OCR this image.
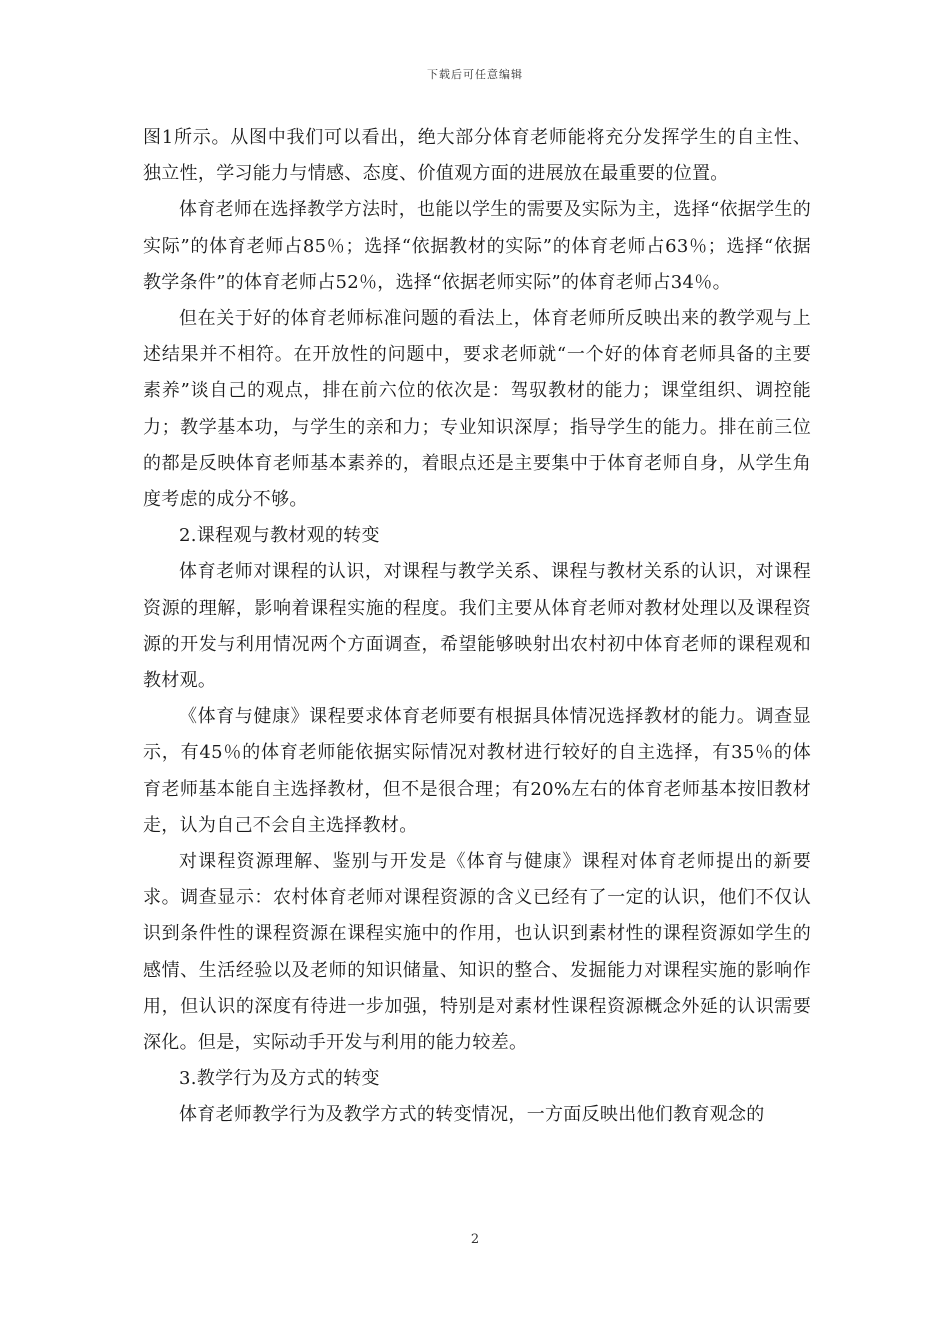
下载后可任意编辑

图1所示。从图中我们可以看出，绝大部分体育老师能将充分发挥学生的自主性、独立性，学习能力与情感、态度、价值观方面的进展放在最重要的位置。

体育老师在选择教学方法时，也能以学生的需要及实际为主，选择“依据学生的实际”的体育老师占85％；选择“依据教材的实际”的体育老师占63％；选择“依据教学条件”的体育老师占52％，选择“依据老师实际”的体育老师占34％。

但在关于好的体育老师标准问题的看法上，体育老师所反映出来的教学观与上述结果并不相符。在开放性的问题中，要求老师就“一个好的体育老师具备的主要素养”谈自己的观点，排在前六位的依次是：驾驭教材的能力；课堂组织、调控能力；教学基本功，与学生的亲和力；专业知识深厚；指导学生的能力。排在前三位的都是反映体育老师基本素养的，着眼点还是主要集中于体育老师自身，从学生角度考虑的成分不够。

2.课程观与教材观的转变

体育老师对课程的认识，对课程与教学关系、课程与教材关系的认识，对课程资源的理解，影响着课程实施的程度。我们主要从体育老师对教材处理以及课程资源的开发与利用情况两个方面调查，希望能够映射出农村初中体育老师的课程观和教材观。

《体育与健康》课程要求体育老师要有根据具体情况选择教材的能力。调查显示，有45％的体育老师能依据实际情况对教材进行较好的自主选择，有35％的体育老师基本能自主选择教材，但不是很合理；有20%左右的体育老师基本按旧教材走，认为自己不会自主选择教材。

对课程资源理解、鉴别与开发是《体育与健康》课程对体育老师提出的新要求。调查显示：农村体育老师对课程资源的含义已经有了一定的认识，他们不仅认识到条件性的课程资源在课程实施中的作用，也认识到素材性的课程资源如学生的感情、生活经验以及老师的知识储量、知识的整合、发掘能力对课程实施的影响作用，但认识的深度有待进一步加强，特别是对素材性课程资源概念外延的认识需要深化。但是，实际动手开发与利用的能力较差。

3.教学行为及方式的转变

体育老师教学行为及教学方式的转变情况，一方面反映出他们教育观念的

2
